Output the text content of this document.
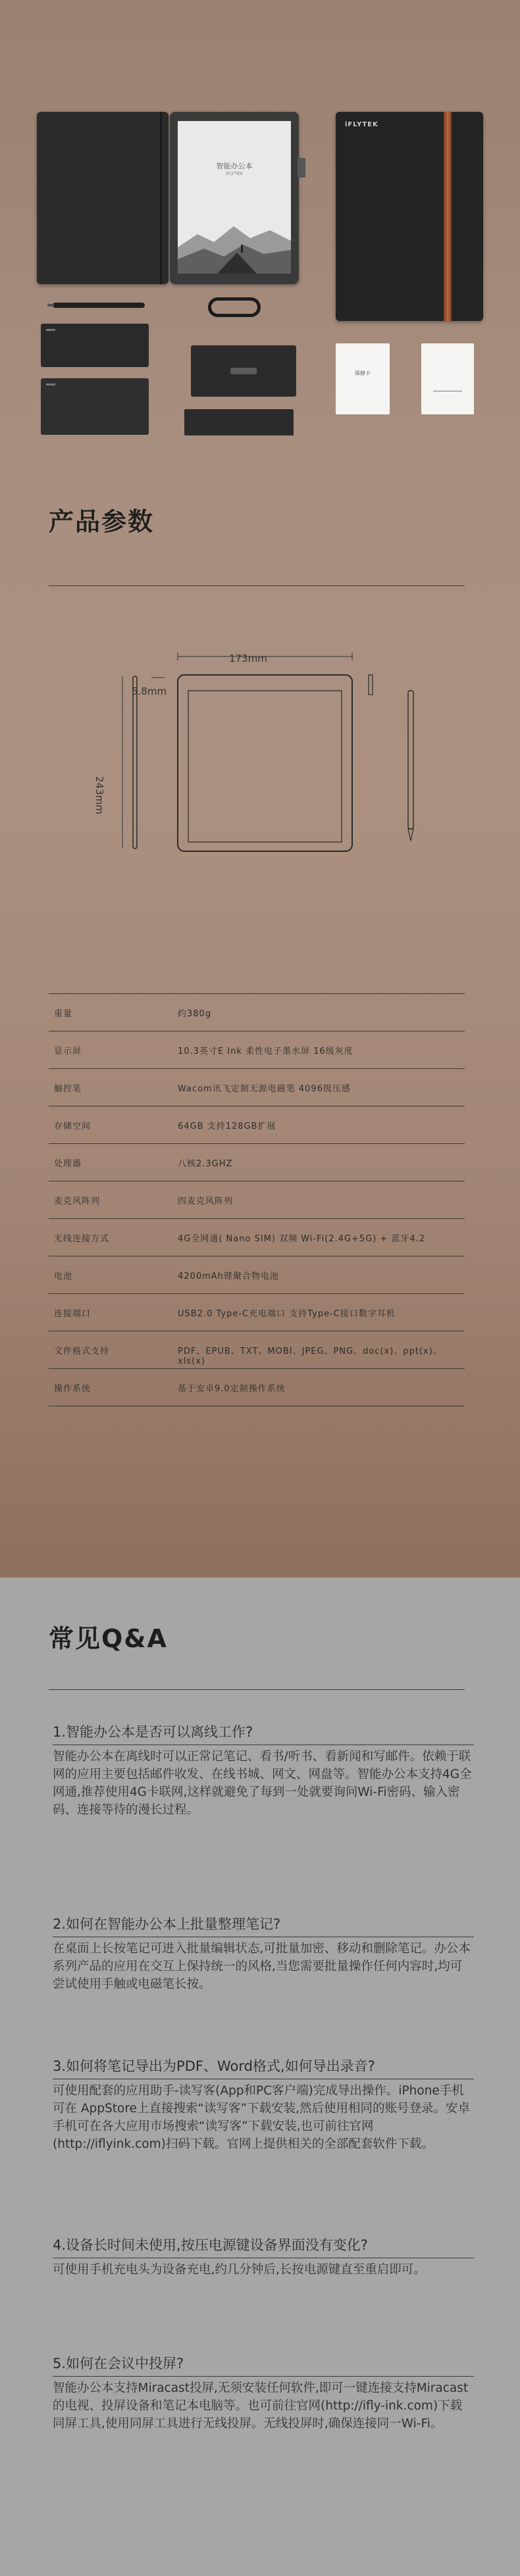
智能办公本
iFLYTEK
iFLYTEK
保修卡
产品参数
173mm
5.8mm
243mm
重量	约380g
显示屏	10.3英寸E Ink 柔性电子墨水屏 16级灰度
触控笔	Wacom讯飞定制无源电磁笔 4096级压感
存储空间	64GB 支持128GB扩展
处理器	八核2.3GHZ
麦克风阵列	四麦克风阵列
无线连接方式	4G全网通( Nano SIM) 双频 Wi-Fi(2.4G+5G) + 蓝牙4.2
电池	4200mAh锂聚合物电池
连接端口	USB2.0 Type-C充电端口 支持Type-C接口数字耳机
文件格式支持	PDF、EPUB、TXT、MOBI、JPEG、PNG、doc(x)、ppt(x)、xls(x)
操作系统	基于安卓9.0定制操作系统
常见Q&A
1.智能办公本是否可以离线工作?
智能办公本在离线时可以正常记笔记、看书/听书、看新闻和写邮件。依赖于联网的应用主要包括邮件收发、在线书城、网文、网盘等。智能办公本支持4G全网通,推荐使用4G卡联网,这样就避免了每到一处就要询问Wi-Fi密码、输入密码、连接等待的漫长过程。
2.如何在智能办公本上批量整理笔记?
在桌面上长按笔记可进入批量编辑状态,可批量加密、移动和删除笔记。办公本系列产品的应用在交互上保持统一的风格,当您需要批量操作任何内容时,均可尝试使用手触或电磁笔长按。
3.如何将笔记导出为PDF、Word格式,如何导出录音?
可使用配套的应用助手-读写客(App和PC客户端)完成导出操作。iPhone手机可在 AppStore上直接搜索“读写客”下载安装,然后使用相同的账号登录。安卓手机可在各大应用市场搜索“读写客”下载安装,也可前往官网(http://iflyink.com)扫码下载。官网上提供相关的全部配套软件下载。
4.设备长时间未使用,按压电源键设备界面没有变化?
可使用手机充电头为设备充电,约几分钟后,长按电源键直至重启即可。
5.如何在会议中投屏?
智能办公本支持Miracast投屏,无须安装任何软件,即可一键连接支持Miracast的电视、投屏设备和笔记本电脑等。也可前往官网(http://ifly-ink.com)下载同屏工具,使用同屏工具进行无线投屏。无线投屏时,确保连接同一Wi-Fi。
